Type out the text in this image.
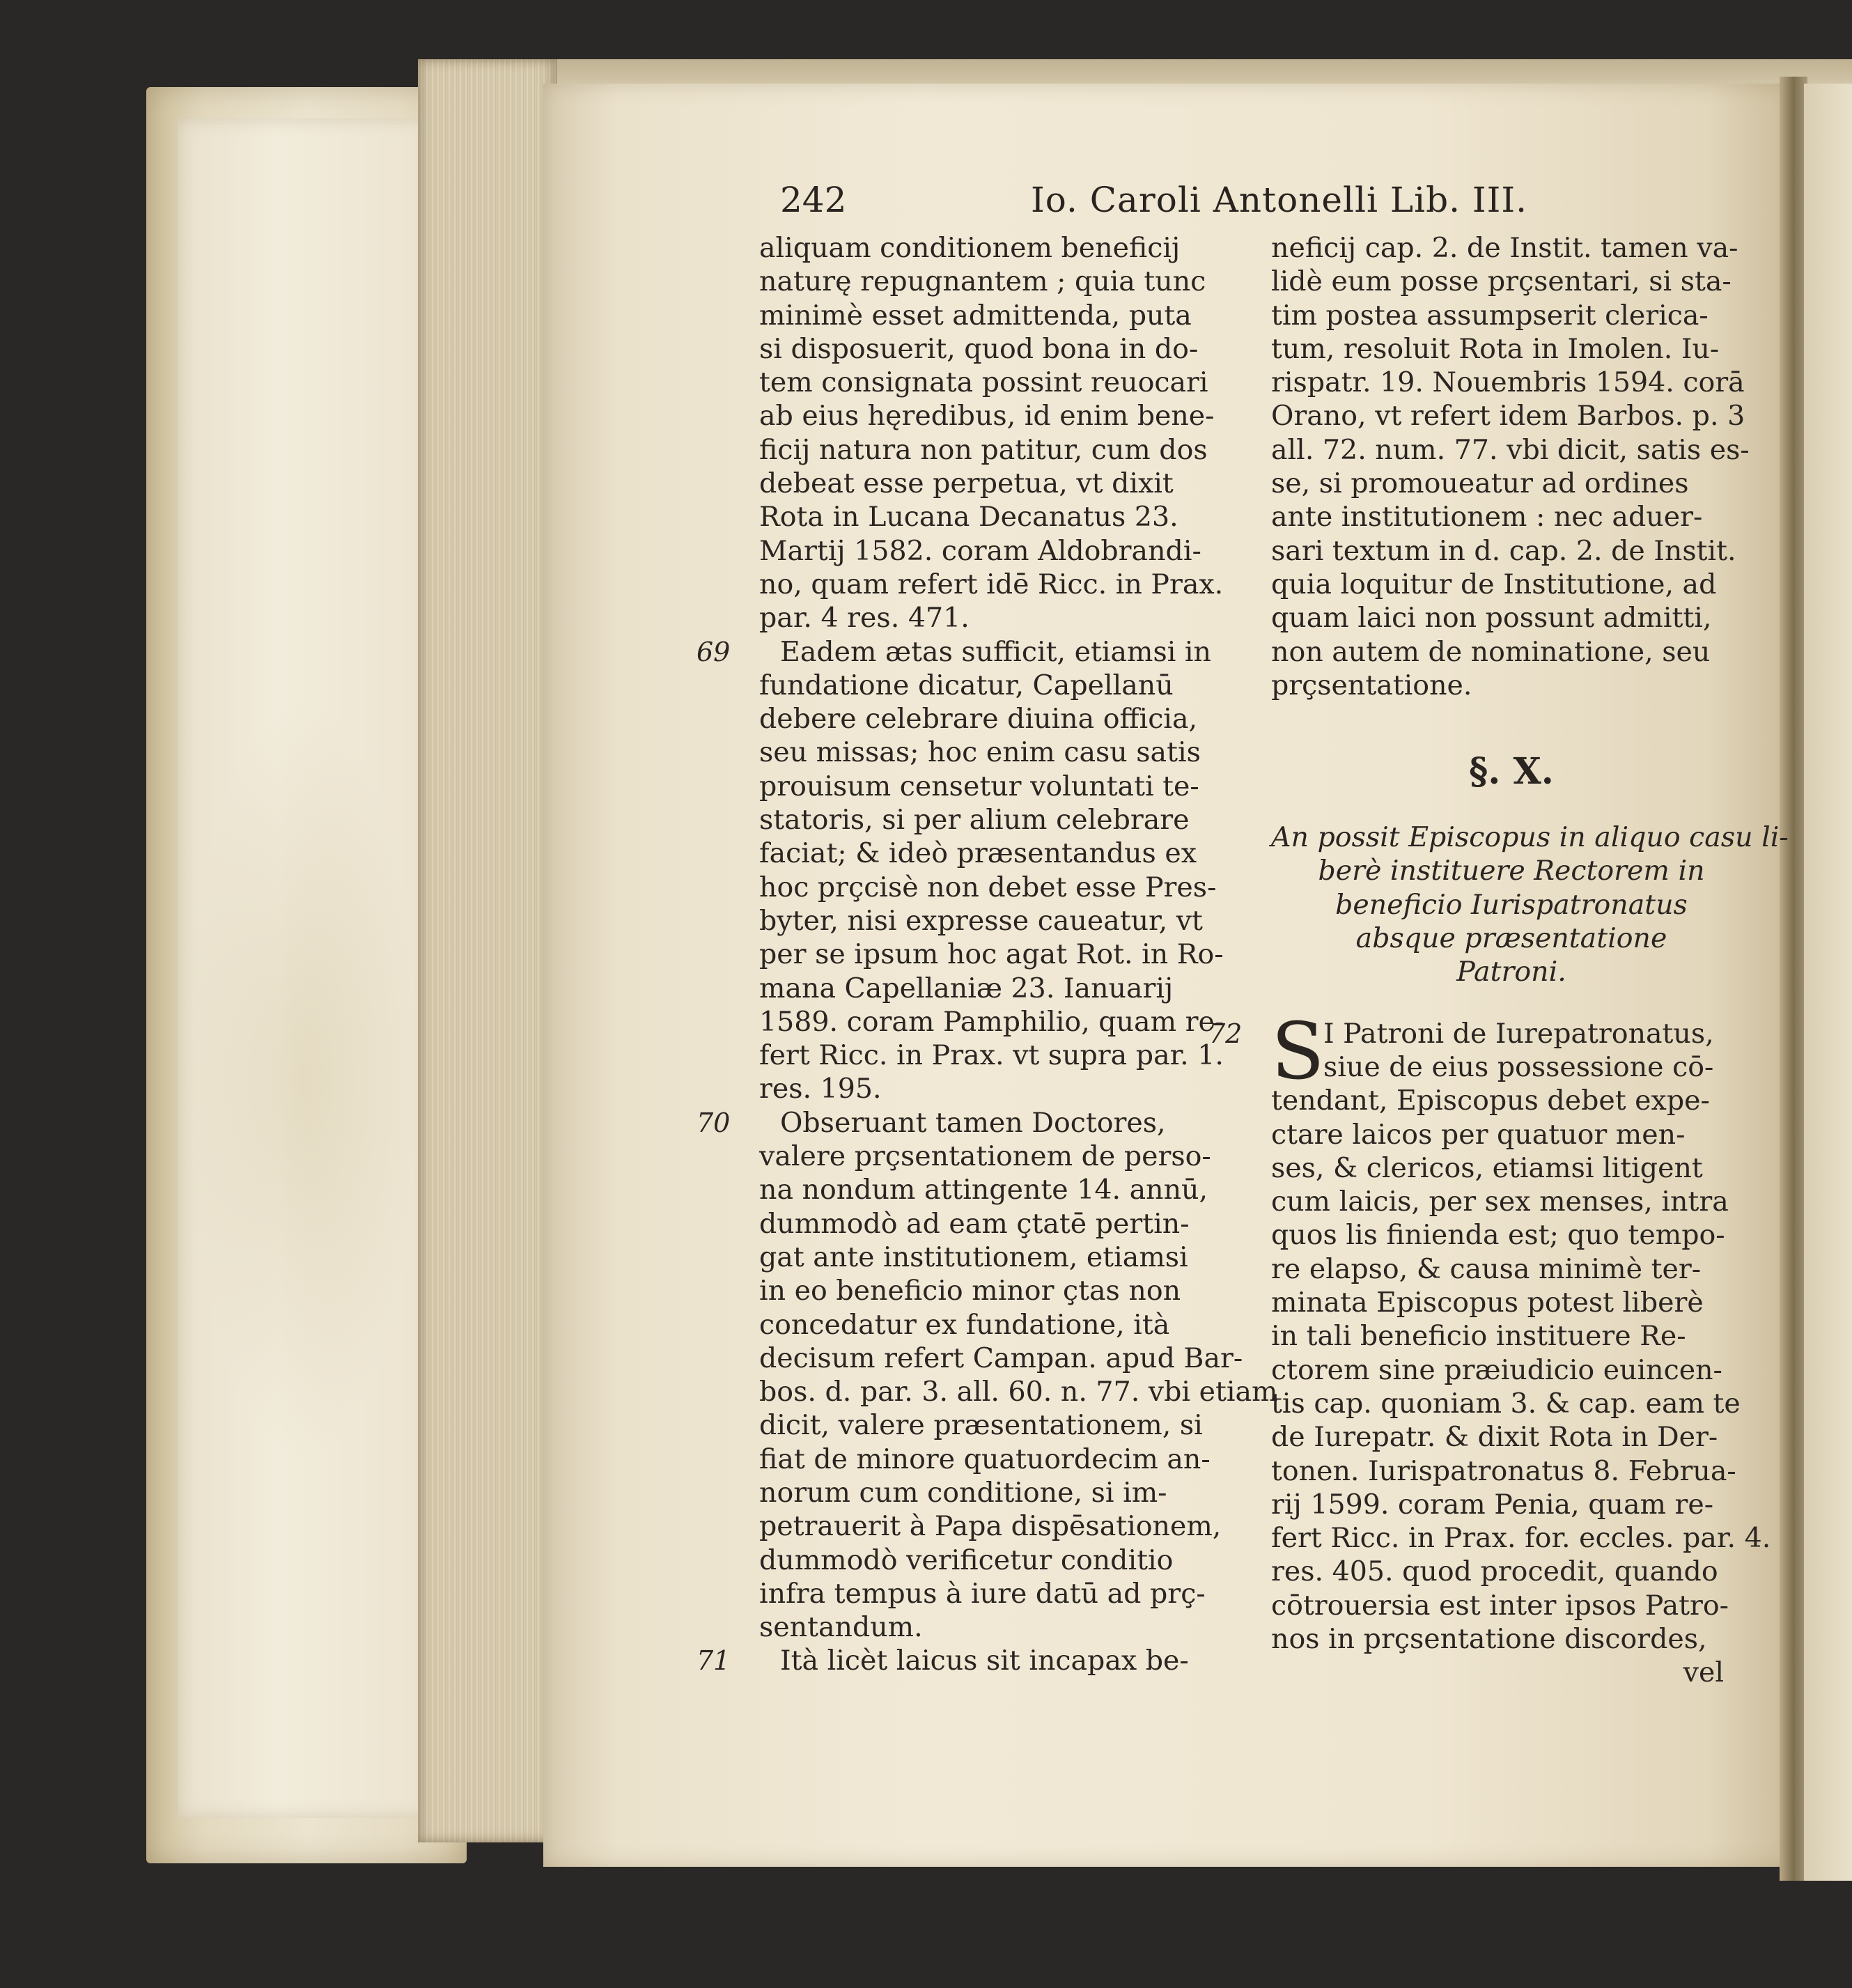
242	Io. Caroli Antonelli Lib. III.
aliquam conditionem beneficij
naturę repugnantem ; quia tunc
minimè esset admittenda, puta
si disposuerit, quod bona in do-
tem consignata possint reuocari
ab eius hęredibus, id enim bene-
ficij natura non patitur, cum dos
debeat esse perpetua, vt dixit
Rota in Lucana Decanatus 23.
Martij 1582. coram Aldobrandi-
no, quam refert idē Ricc. in Prax.
par. 4 res. 471.
69 Eadem ætas sufficit, etiamsi in
fundatione dicatur, Capellanū
debere celebrare diuina officia,
seu missas; hoc enim casu satis
prouisum censetur voluntati te-
statoris, si per alium celebrare
faciat; & ideò præsentandus ex
hoc prçcisè non debet esse Pres-
byter, nisi expresse caueatur, vt
per se ipsum hoc agat Rot. in Ro-
mana Capellaniæ 23. Ianuarij
1589. coram Pamphilio, quam re-
fert Ricc. in Prax. vt supra par. 1.
res. 195.
70 Obseruant tamen Doctores,
valere prçsentationem de perso-
na nondum attingente 14. annū,
dummodò ad eam çtatē pertin-
gat ante institutionem, etiamsi
in eo beneficio minor çtas non
concedatur ex fundatione, ità
decisum refert Campan. apud Bar-
bos. d. par. 3. all. 60. n. 77. vbi etiam
dicit, valere præsentationem, si
fiat de minore quatuordecim an-
norum cum conditione, si im-
petrauerit à Papa dispēsationem,
dummodò verificetur conditio
infra tempus à iure datū ad prç-
sentandum.
71 Ità licèt laicus sit incapax be-
neficij cap. 2. de Instit. tamen va-
lidè eum posse prçsentari, si sta-
tim postea assumpserit clerica-
tum, resoluit Rota in Imolen. Iu-
rispatr. 19. Nouembris 1594. corā
Orano, vt refert idem Barbos. p. 3
all. 72. num. 77. vbi dicit, satis es-
se, si promoueatur ad ordines
ante institutionem : nec aduer-
sari textum in d. cap. 2. de Instit.
quia loquitur de Institutione, ad
quam laici non possunt admitti,
non autem de nominatione, seu
prçsentatione.
§. X.
An possit Episcopus in aliquo casu li-
berè instituere Rectorem in
beneficio Iurispatronatus
absque præsentatione
Patroni.
72 S
I Patroni de Iurepatronatus,
siue de eius possessione cō-
tendant, Episcopus debet expe-
ctare laicos per quatuor men-
ses, & clericos, etiamsi litigent
cum laicis, per sex menses, intra
quos lis finienda est; quo tempo-
re elapso, & causa minimè ter-
minata Episcopus potest liberè
in tali beneficio instituere Re-
ctorem sine præiudicio euincen-
tis cap. quoniam 3. & cap. eam te
de Iurepatr. & dixit Rota in Der-
tonen. Iurispatronatus 8. Februa-
rij 1599. coram Penia, quam re-
fert Ricc. in Prax. for. eccles. par. 4.
res. 405. quod procedit, quando
cōtrouersia est inter ipsos Patro-
nos in prçsentatione discordes,
vel
